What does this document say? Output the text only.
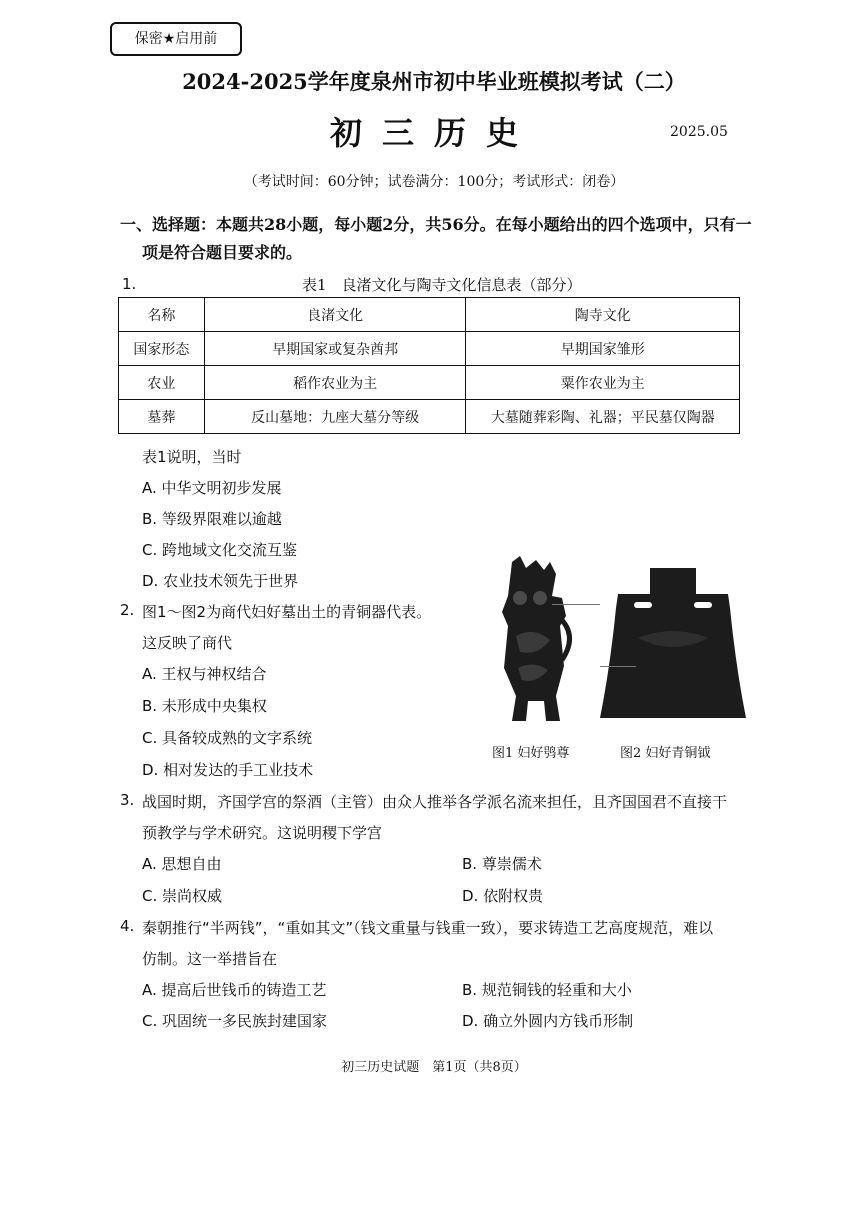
保密★启用前
2024-2025学年度泉州市初中毕业班模拟考试（二）
初三历史	2025.05
（考试时间：60分钟；试卷满分：100分；考试形式：闭卷）
一、选择题：本题共28小题，每小题2分，共56分。在每小题给出的四个选项中，只有一
项是符合题目要求的。
1.	表1　良渚文化与陶寺文化信息表（部分）
名称	良渚文化	陶寺文化
国家形态	早期国家或复杂酋邦	早期国家雏形
农业	稻作农业为主	粟作农业为主
墓葬	反山墓地：九座大墓分等级	大墓随葬彩陶、礼器；平民墓仅陶器
表1说明，当时
A. 中华文明初步发展
B. 等级界限难以逾越
C. 跨地域文化交流互鉴
D. 农业技术领先于世界
2. 图1～图2为商代妇好墓出土的青铜器代表。
这反映了商代
A. 王权与神权结合
B. 未形成中央集权
C. 具备较成熟的文字系统
D. 相对发达的手工业技术
图1 妇好鸮尊	图2 妇好青铜钺
3. 战国时期，齐国学宫的祭酒（主管）由众人推举各学派名流来担任，且齐国国君不直接干
预教学与学术研究。这说明稷下学宫
A. 思想自由	B. 尊崇儒术
C. 崇尚权威	D. 依附权贵
4. 秦朝推行“半两钱”，“重如其文”（钱文重量与钱重一致），要求铸造工艺高度规范，难以
仿制。这一举措旨在
A. 提高后世钱币的铸造工艺	B. 规范铜钱的轻重和大小
C. 巩固统一多民族封建国家	D. 确立外圆内方钱币形制
初三历史试题　第1页（共8页）
